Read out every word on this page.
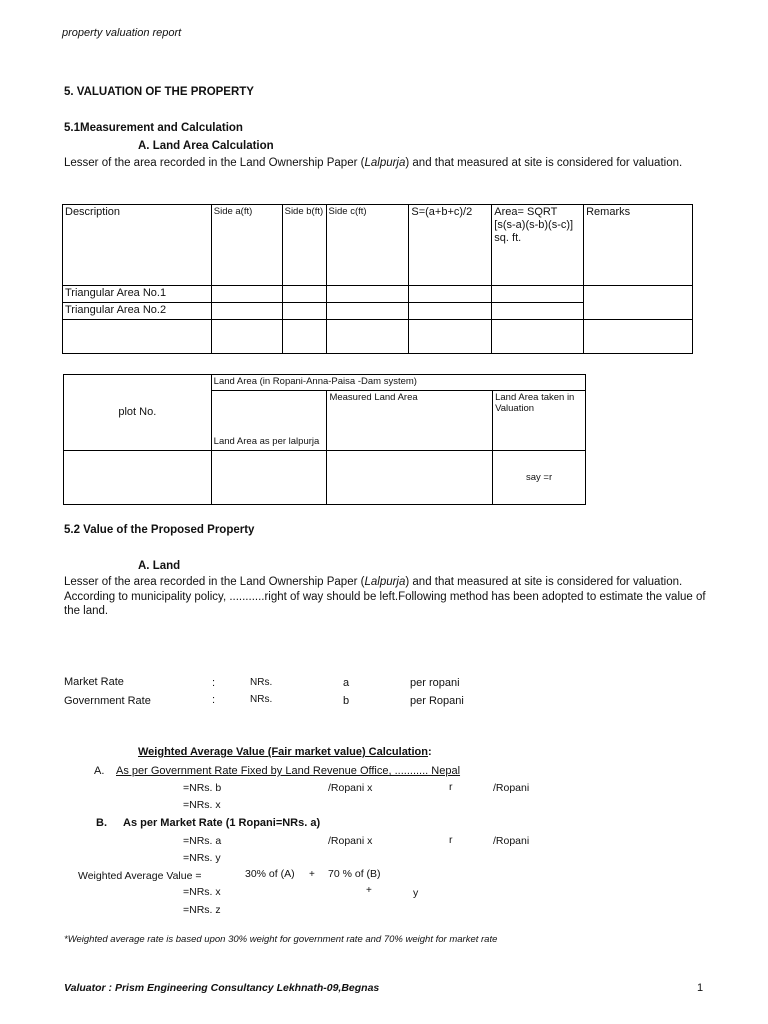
property valuation report
5. VALUATION OF THE PROPERTY
5.1Measurement and Calculation
A. Land Area Calculation
Lesser of the area recorded in the Land Ownership Paper (Lalpurja) and that measured at site is considered for valuation.
Description	Side a(ft)	Side b(ft)	Side c(ft)	S=(a+b+c)/2	Area= SQRT [s(s-a)(s-b)(s-c)] sq. ft.	Remarks
Triangular Area No.1						
Triangular Area No.2						

plot No.	Land Area (in Ropani-Anna-Paisa -Dam system)		
	Land Area as per lalpurja	Measured Land Area	Land Area taken in Valuation
			say =r
5.2 Value of the Proposed Property
A. Land
Lesser of the area recorded in the Land Ownership Paper (Lalpurja) and that measured at site is considered for valuation. According to municipality policy, ...........right of way should be left.Following method has been adopted to estimate the value of the land.
Market Rate	:	NRs.	a	per ropani
Government Rate	:	NRs.	b	per Ropani
Weighted Average Value (Fair market value) Calculation:
A. As per Government Rate Fixed by Land Revenue Office, ........... Nepal
=NRs. b	/Ropani x	r	/Ropani
=NRs. x
B. As per Market Rate (1 Ropani=NRs. a)
=NRs. a	/Ropani x	r	/Ropani
=NRs. y
Weighted Average Value =	30% of (A) + 70 % of (B)
=NRs. x	+	y
=NRs. z
*Weighted average rate is based upon 30% weight for government rate and 70% weight for market rate
Valuator : Prism Engineering Consultancy Lekhnath-09,Begnas	1
